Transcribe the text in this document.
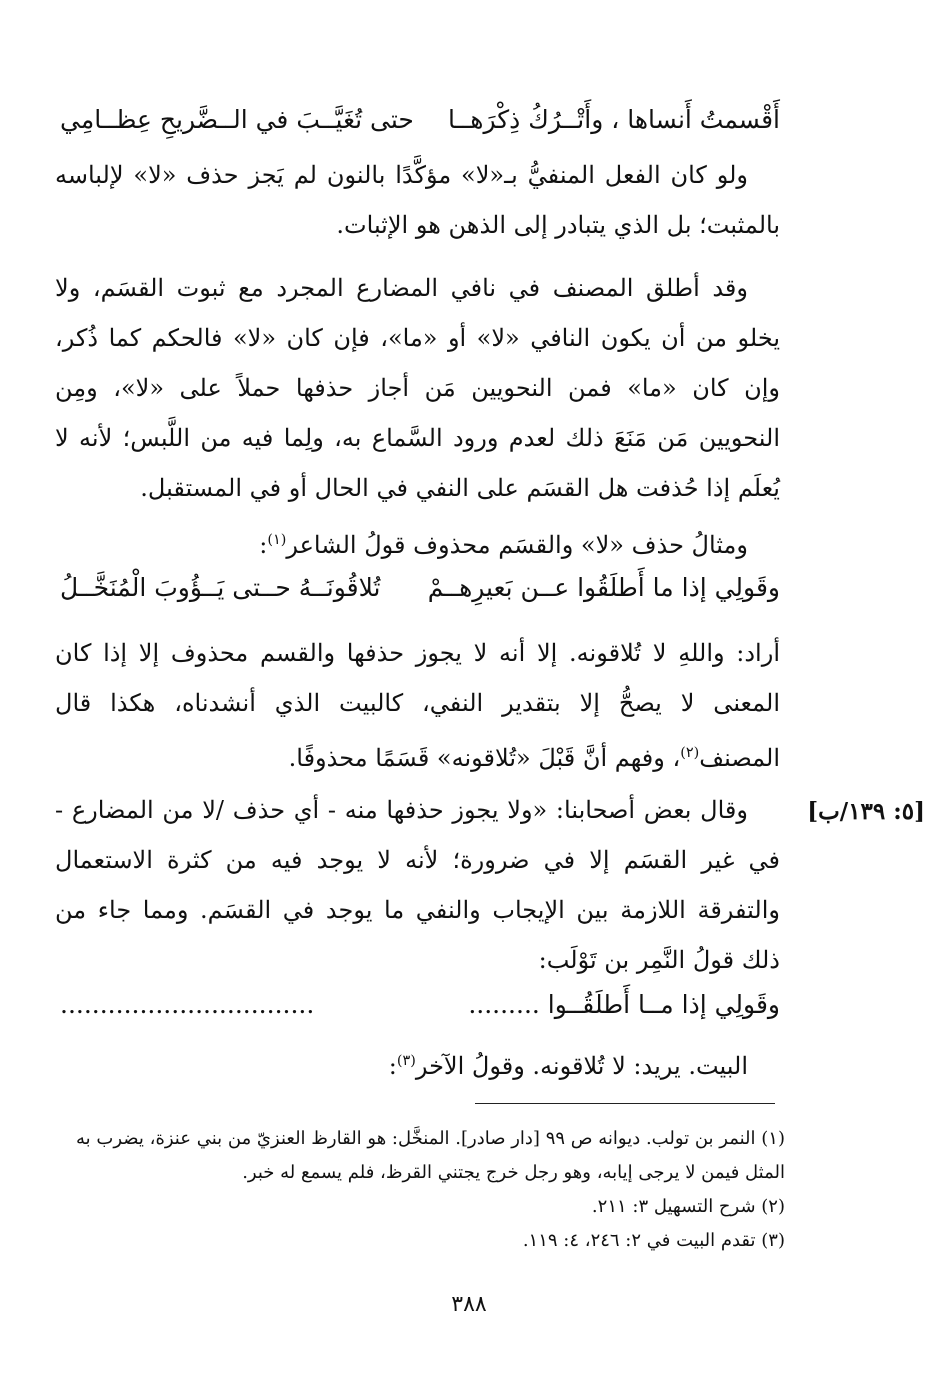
أَقْسمتُ أَنساها ، وأَتْــرُكُ ذِكْرَهــا
حتى تُغَيَّــبَ في الــضَّريحِ عِظــامِي

ولو كان الفعل المنفيُّ بـ«لا» مؤكَّدًا بالنون لم يَجز حذف «لا» لإلباسه بالمثبت؛ بل الذي يتبادر إلى الذهن هو الإثبات.

وقد أطلق المصنف في نافي المضارع المجرد مع ثبوت القسَم، ولا يخلو من أن يكون النافي «لا» أو «ما»، فإن كان «لا» فالحكم كما ذُكر، وإن كان «ما» فمن النحويين مَن أجاز حذفها حملاً على «لا»، ومِن النحويين مَن مَنَعَ ذلك لعدم ورود السَّماع به، ولِما فيه من اللَّبس؛ لأنه لا يُعلَم إذا حُذفت هل القسَم على النفي في الحال أو في المستقبل.

ومثالُ حذف «لا» والقسَم محذوف قولُ الشاعر$^{(١)}$:

وقَولِي إذا ما أَطلَقُوا عــن بَعيرِهــمْ
تُلاقُونَــهُ حــتى يَــؤُوبَ الْمُنَخَّــلُ

أراد: واللهِ لا تُلاقونه. إلا أنه لا يجوز حذفها والقسم محذوف إلا إذا كان المعنى لا يصحُّ إلا بتقدير النفي، كالبيت الذي أنشدناه، هكذا قال المصنف$^{(٢)}$، وفهم أنَّ قَبْلَ «تُلاقونه» قَسَمًا محذوفًا.

[٥: ١٣٩/ب]

وقال بعض أصحابنا: «ولا يجوز حذفها منه - أي حذف /لا من المضارع - في غير القسَم إلا في ضرورة؛ لأنه لا يوجد فيه من كثرة الاستعمال والتفرقة اللازمة بين الإيجاب والنفي ما يوجد في القسَم. ومما جاء من ذلك قولُ النَّمِر بن تَوْلَب:

وقَولِي إذا مــا أَطلَقُــوا .........
................................

البيت. يريد: لا تُلاقونه. وقولُ الآخر$^{(٣)}$:

(١) النمر بن تولب. ديوانه ص ٩٩ [دار صادر]. المنخَّل: هو القارظ العنزيّ من بني عنزة، يضرب به المثل فيمن لا يرجى إيابه، وهو رجل خرج يجتني القرظ، فلم يسمع له خبر.

(٢) شرح التسهيل ٣: ٢١١.

(٣) تقدم البيت في ٢: ٢٤٦، ٤: ١١٩.

٣٨٨
